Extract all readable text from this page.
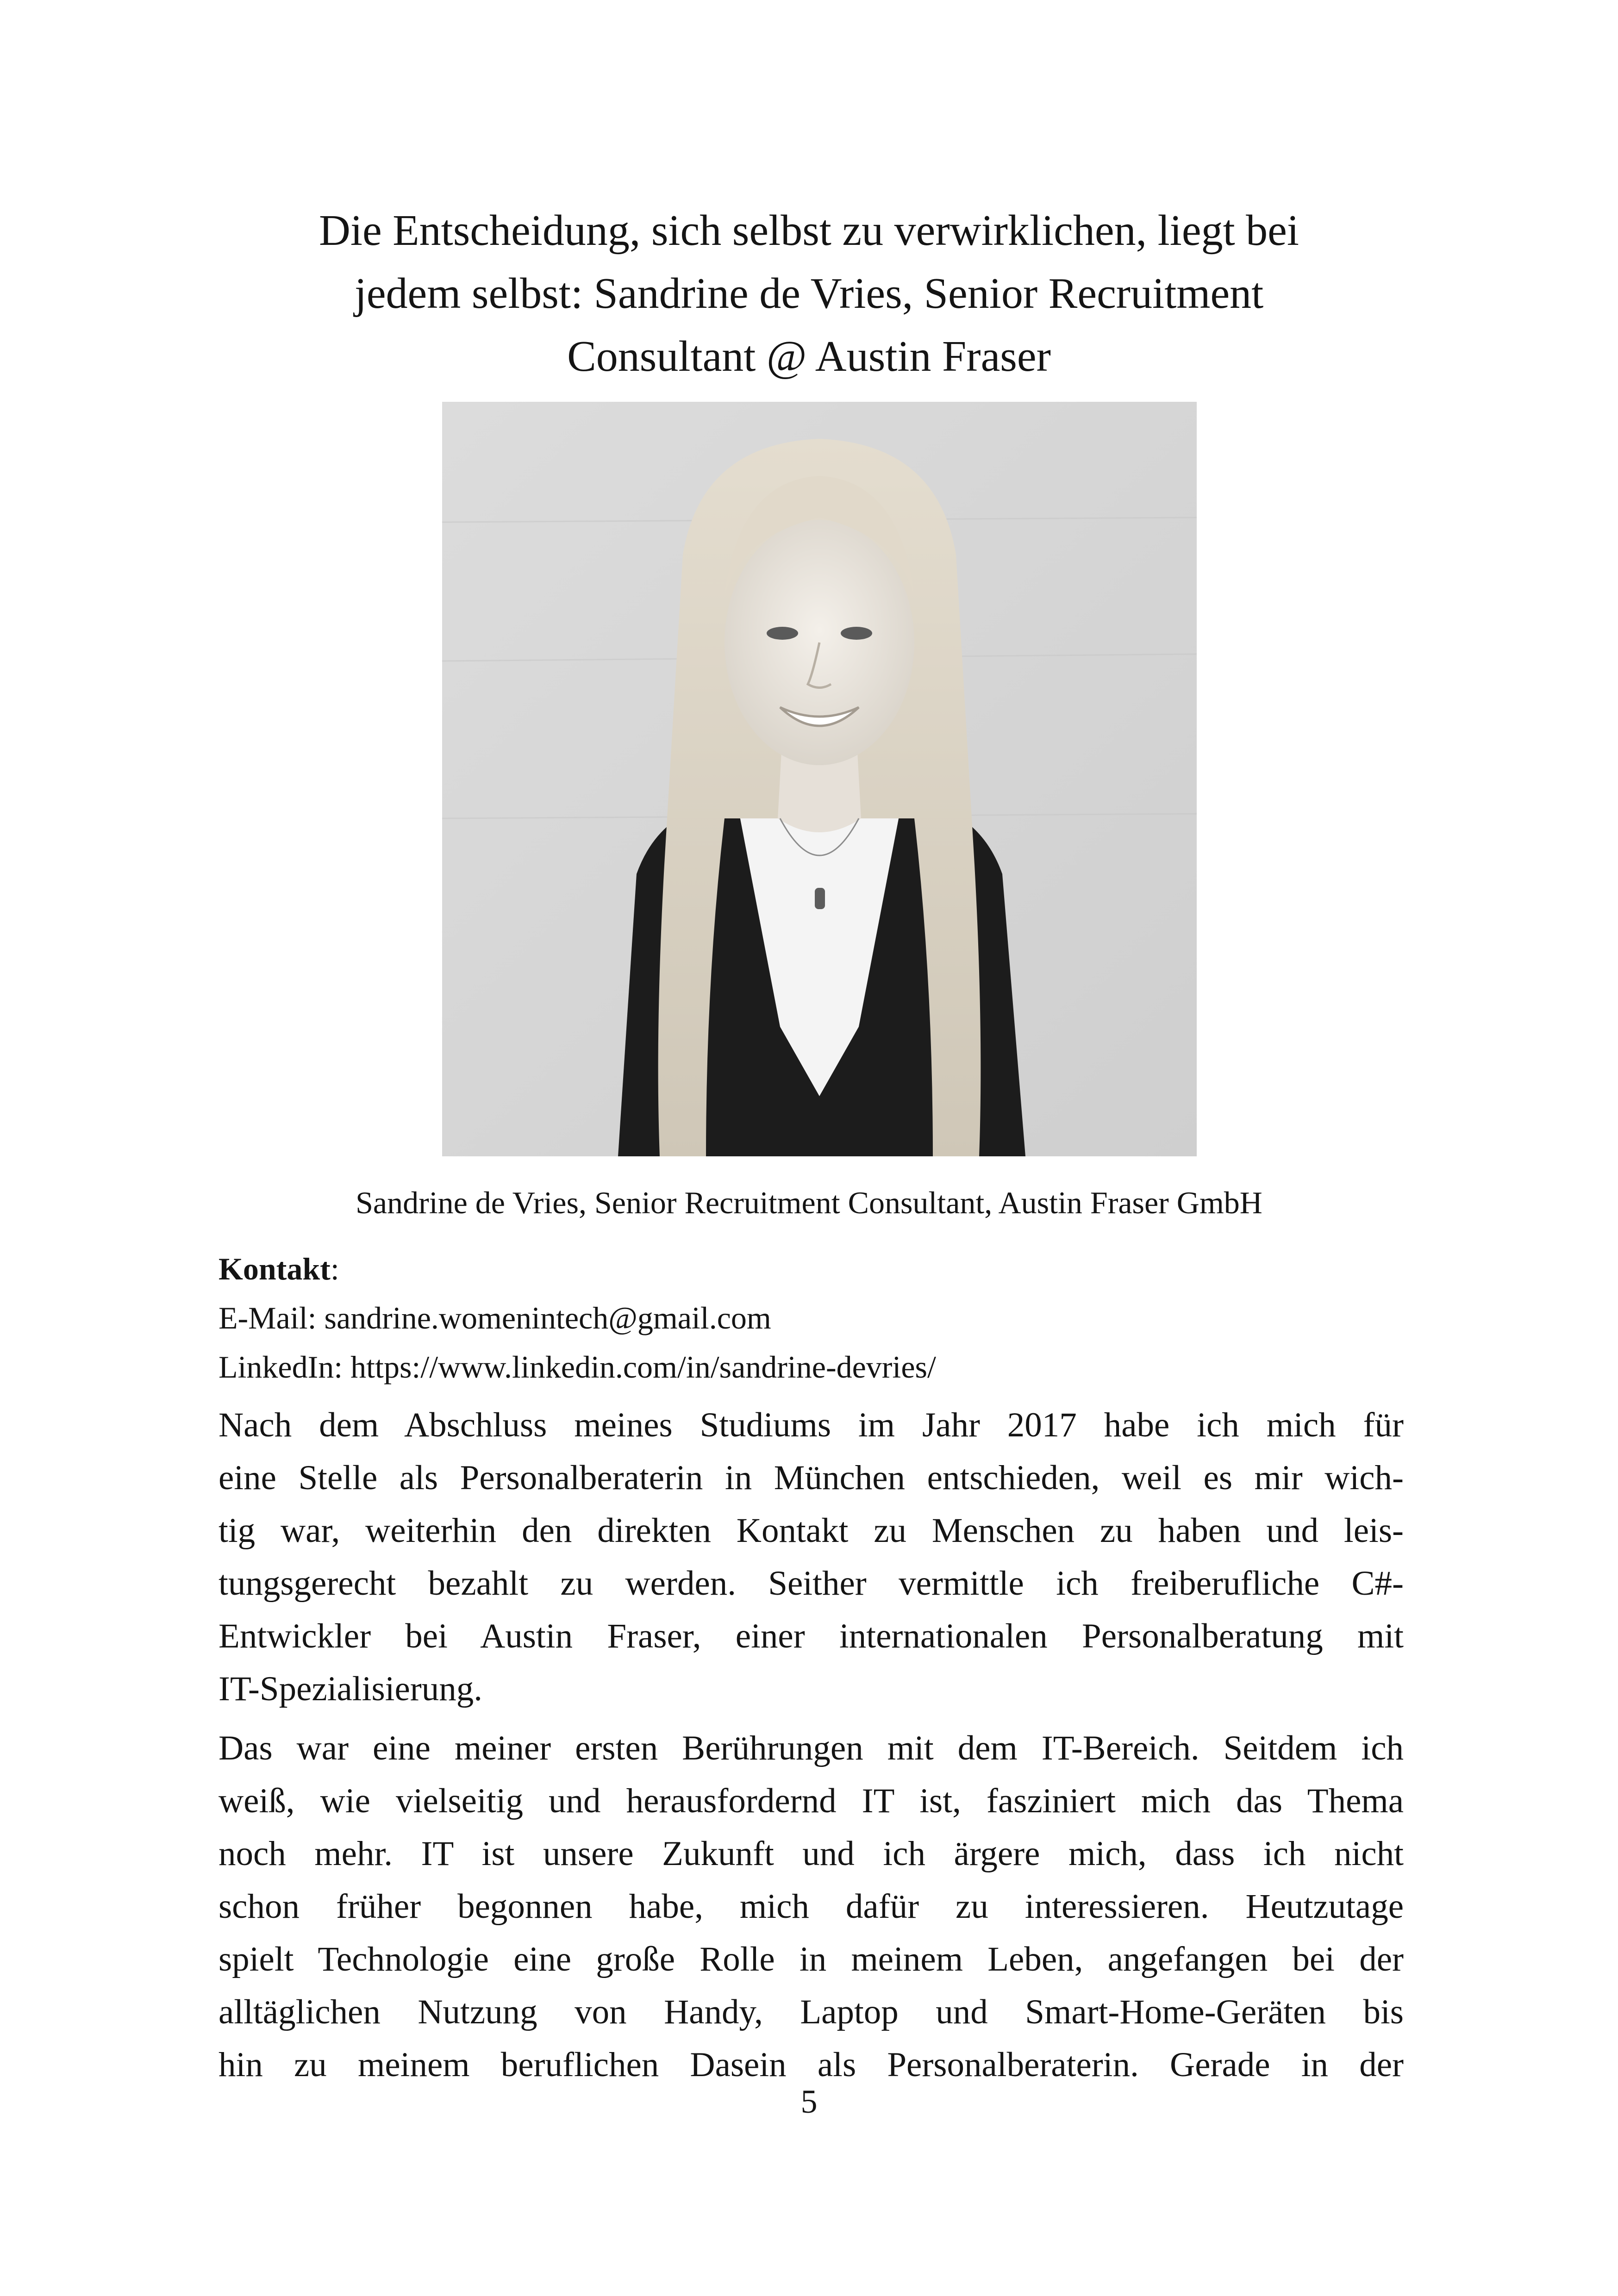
Die Entscheidung, sich selbst zu verwirklichen, liegt bei
jedem selbst: Sandrine de Vries, Senior Recruitment
Consultant @ Austin Fraser
Sandrine de Vries, Senior Recruitment Consultant, Austin Fraser GmbH
Kontakt:
E-Mail: sandrine.womenintech@gmail.com
LinkedIn: https://www.linkedin.com/in/sandrine-devries/

Nach dem Abschluss meines Studiums im Jahr 2017 habe ich mich für
eine Stelle als Personalberaterin in München entschieden, weil es mir wich-
tig war, weiterhin den direkten Kontakt zu Menschen zu haben und leis-
tungsgerecht bezahlt zu werden. Seither vermittle ich freiberufliche C#-
Entwickler bei Austin Fraser, einer internationalen Personalberatung mit
IT-Spezialisierung.

Das war eine meiner ersten Berührungen mit dem IT-Bereich. Seitdem ich
weiß, wie vielseitig und herausfordernd IT ist, fasziniert mich das Thema
noch mehr. IT ist unsere Zukunft und ich ärgere mich, dass ich nicht
schon früher begonnen habe, mich dafür zu interessieren. Heutzutage
spielt Technologie eine große Rolle in meinem Leben, angefangen bei der
alltäglichen Nutzung von Handy, Laptop und Smart-Home-Geräten bis
hin zu meinem beruflichen Dasein als Personalberaterin. Gerade in der

5
